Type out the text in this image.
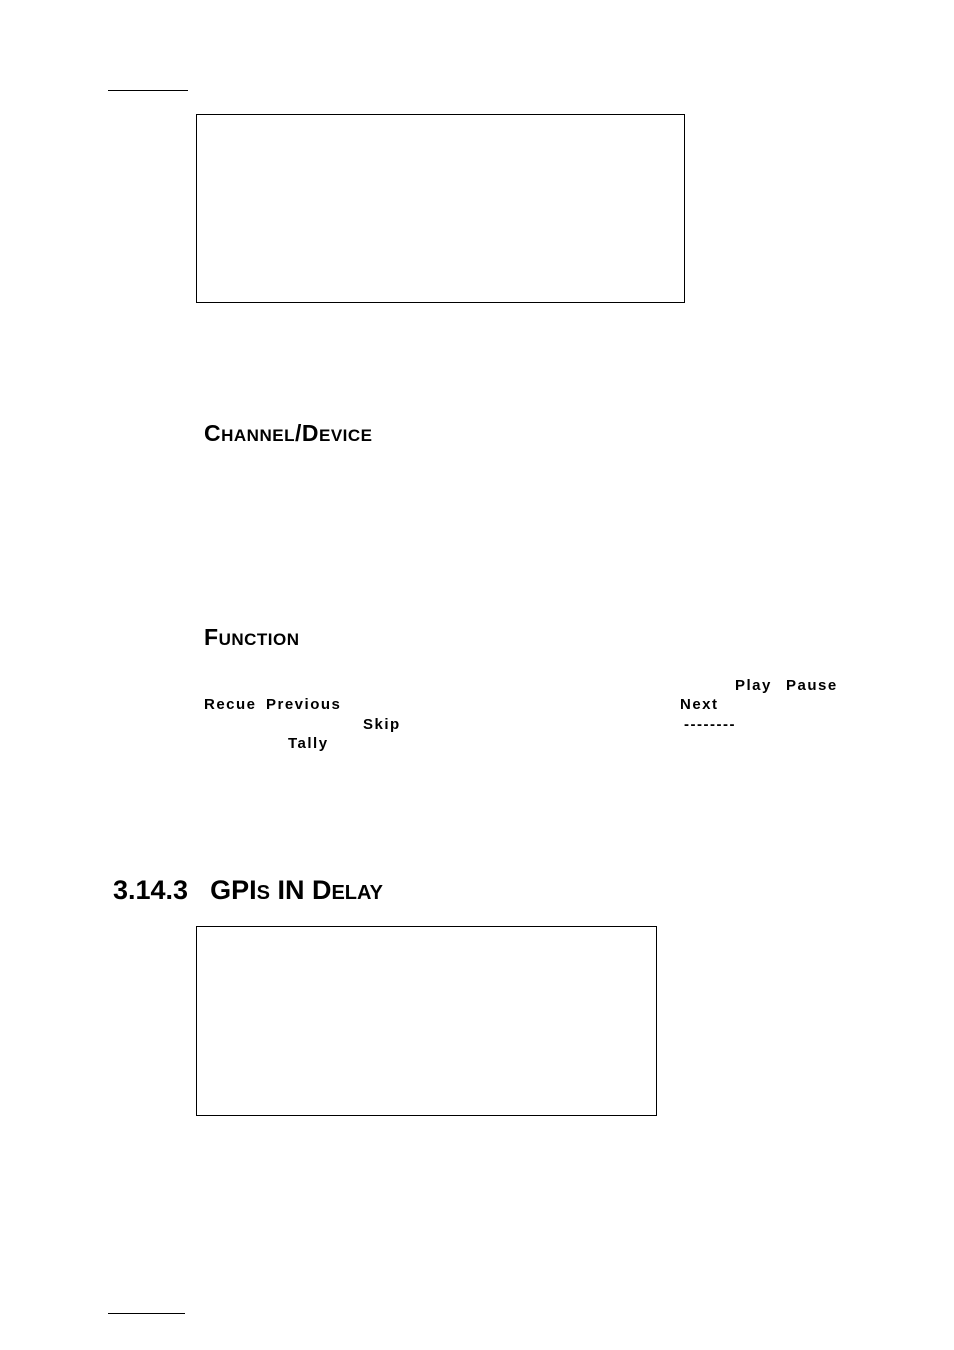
CHANNEL/DEVICE
FUNCTION
Play Pause
Recue Previous	Next
Skip	--------
Tally
3.14.3 GPIS IN DELAY
